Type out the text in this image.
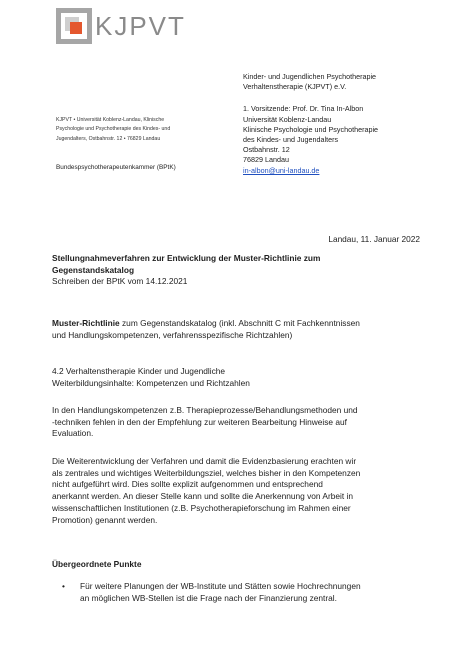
KJPVT
Kinder- und Jugendlichen Psychotherapie
Verhaltenstherapie (KJPVT) e.V.
1. Vorsitzende: Prof. Dr. Tina In-Albon
Universität Koblenz-Landau
Klinische Psychologie und Psychotherapie
des Kindes- und Jugendalters
Ostbahnstr. 12
76829 Landau
in-albon@uni-landau.de
KJPVT • Universität Koblenz-Landau, Klinische
Psychologie und Psychotherapie des Kindes- und
Jugendalters, Ostbahnstr. 12 • 76829 Landau
Bundespsychotherapeutenkammer (BPtK)
Landau, 11. Januar 2022
Stellungnahmeverfahren zur Entwicklung der Muster-Richtlinie zum
Gegenstandskatalog
Schreiben der BPtK vom 14.12.2021
Muster-Richtlinie zum Gegenstandskatalog (inkl. Abschnitt C mit Fachkenntnissen
und Handlungskompetenzen, verfahrensspezifische Richtzahlen)
4.2 Verhaltenstherapie Kinder und Jugendliche
Weiterbildungsinhalte: Kompetenzen und Richtzahlen
In den Handlungskompetenzen z.B. Therapieprozesse/Behandlungsmethoden und
-techniken fehlen in den der Empfehlung zur weiteren Bearbeitung Hinweise auf
Evaluation.
Die Weiterentwicklung der Verfahren und damit die Evidenzbasierung erachten wir
als zentrales und wichtiges Weiterbildungsziel, welches bisher in den Kompetenzen
nicht aufgeführt wird. Dies sollte explizit aufgenommen und entsprechend
anerkannt werden. An dieser Stelle kann und sollte die Anerkennung von Arbeit in
wissenschaftlichen Institutionen (z.B. Psychotherapieforschung im Rahmen einer
Promotion) genannt werden.
Übergeordnete Punkte
• Für weitere Planungen der WB-Institute und Stätten sowie Hochrechnungen
an möglichen WB-Stellen ist die Frage nach der Finanzierung zentral.
